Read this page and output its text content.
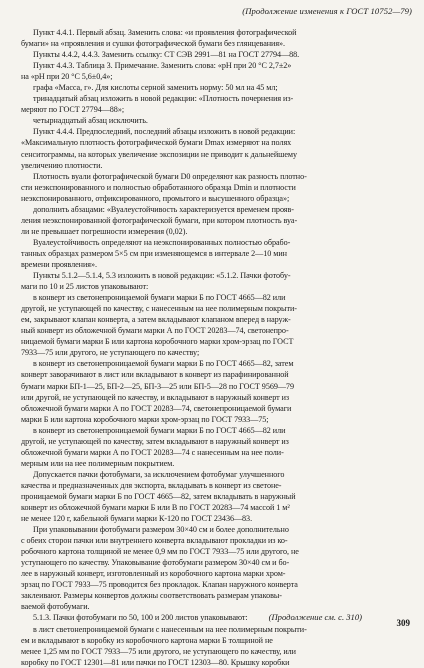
(Продолжение изменения к ГОСТ 10752—79)
Пункт 4.4.1. Первый абзац. Заменить слова: «и проявления фотографической
бумаги» на «проявления и сушки фотографической бумаги без глянцевания».
Пункты 4.4.2, 4.4.3. Заменить ссылку: СТ СЭВ 2991—81 на ГОСТ 27794—88.
Пункт 4.4.3. Таблица 3. Примечание. Заменить слова: «рН при 20 °С 2,7±2»
на «рН при 20 °С 5,6±0,4»;
графа «Масса, г». Для кислоты серной заменить норму: 50 мл на 45 мл;
тринадцатый абзац изложить в новой редакции: «Плотность почернения из-
меряют по ГОСТ 27794—88»;
четырнадцатый абзац исключить.
Пункт 4.4.4. Предпоследний, последний абзацы изложить в новой редакции:
«Максимальную плотность фотографической бумаги Dmax измеряют на полях
сенситограммы, на которых увеличение экспозиции не приводит к дальнейшему
увеличению плотности.
Плотность вуали фотографической бумаги D0 определяют как разность плотно-
сти неэкспонированного и полностью обработанного образца Dmin и плотности
неэкспонированного, отфиксированного, промытого и высушенного образца»;
дополнить абзацами: «Вуалеустойчивость характеризуется временем прояв-
ления неэкспонированной фотографической бумаги, при котором плотность вуа-
ли не превышает погрешности измерения (0,02).
Вуалеустойчивость определяют на неэкспонированных полностью обрабо-
танных образцах размером 5×5 см при изменяющемся в интервале 2—10 мин
времени проявления».
Пункты 5.1.2—5.1.4, 5.3 изложить в новой редакции: «5.1.2. Пачки фотобу-
маги по 10 и 25 листов упаковывают:
в конверт из светонепроницаемой бумаги марки Б по ГОСТ 4665—82 или
другой, не уступающей по качеству, с нанесенным на нее полимерным покрыти-
ем, закрывают клапан конверта, а затем вкладывают клапаном вперед в наруж-
ный конверт из обложечной бумаги марки А по ГОСТ 20283—74, светонепро-
ницаемой бумаги марки Б или картона коробочного марки хром-эрзац по ГОСТ
7933—75 или другого, не уступающего по качеству;
в конверт из светонепроницаемой бумаги марки Б по ГОСТ 4665—82, затем
конверт заворачивают в лист или вкладывают в конверт из парафинированной
бумаги марки БП-1—25, БП-2—25, БП-3—25 или БП-5—28 по ГОСТ 9569—79
или другой, не уступающей по качеству, и вкладывают в наружный конверт из
обложечной бумаги марки А по ГОСТ 20283—74, светонепроницаемой бумаги
марки Б или картона коробочного марки хром-эрзац по ГОСТ 7933—75;
в конверт из светонепроницаемой бумаги марки Б по ГОСТ 4665—82 или
другой, не уступающей по качеству, затем вкладывают в наружный конверт из
обложечной бумаги марки А по ГОСТ 20283—74 с нанесенным на нее поли-
мерным или на нее полимерным покрытием.
Допускается пачки фотобумаги, за исключением фотобумаг улучшенного
качества и предназначенных для экспорта, вкладывать в конверт из светоне-
проницаемой бумаги марки Б по ГОСТ 4665—82, затем вкладывать в наружный
конверт из обложечной бумаги марки Б или В по ГОСТ 20283—74 массой 1 м²
не менее 120 г, кабельной бумаги марки К-120 по ГОСТ 23436—83.
При упаковывании фотобумаги размером 30×40 см и более дополнительно
с обеих сторон пачки или внутреннего конверта вкладывают прокладки из ко-
робочного картона толщиной не менее 0,9 мм по ГОСТ 7933—75 или другого, не
уступающего по качеству. Упаковывание фотобумаги размером 30×40 см и бо-
лее в наружный конверт, изготовленный из коробочного картона марки хром-
эрзац по ГОСТ 7933—75 проводится без прокладок. Клапан наружного конверта
заклеивают. Размеры конвертов должны соответствовать размерам упаковы-
ваемой фотобумаги.
5.1.3. Пачки фотобумаги по 50, 100 и 200 листов упаковывают:
в лист светонепроницаемой бумаги с нанесенным на нее полимерным покрыти-
ем и вкладывают в коробку из коробочного картона марки Б толщиной не
менее 1,25 мм по ГОСТ 7933—75 или другого, не уступающего по качеству, или
коробку по ГОСТ 12301—81 или пачки по ГОСТ 12303—80. Крышку коробки
(Продолжение см. с. 310)
309
